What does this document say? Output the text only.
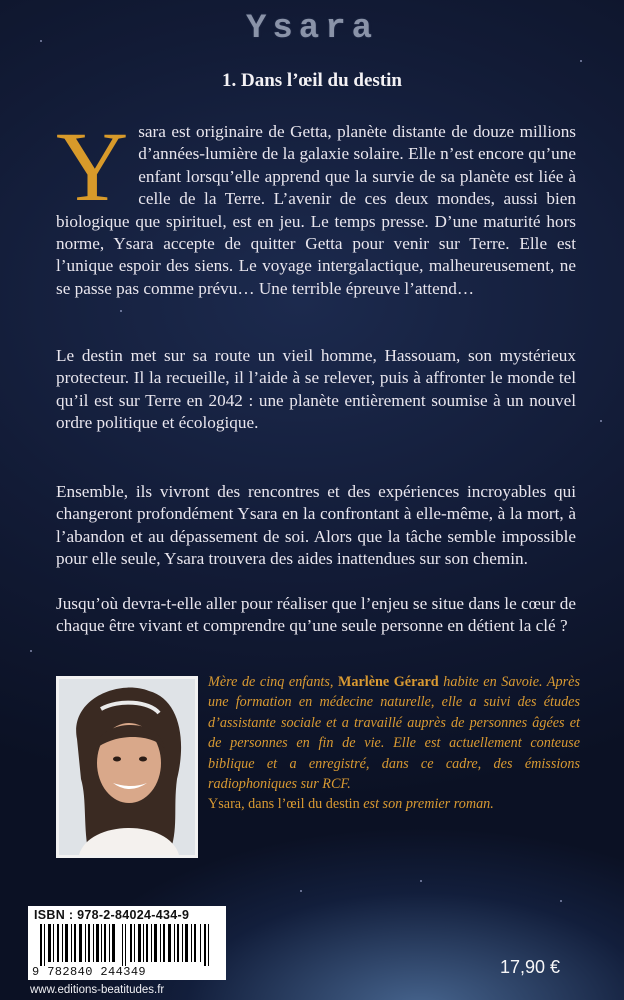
Ysara
1. Dans l’œil du destin
Y sara est originaire de Getta, planète distante de douze millions d’années-lumière de la galaxie solaire. Elle n’est encore qu’une enfant lorsqu’elle apprend que la survie de sa planète est liée à celle de la Terre. L’avenir de ces deux mondes, aussi bien biologique que spirituel, est en jeu. Le temps presse. D’une maturité hors norme, Ysara accepte de quitter Getta pour venir sur Terre. Elle est l’unique espoir des siens. Le voyage intergalactique, malheureusement, ne se passe pas comme prévu… Une terrible épreuve l’attend…
Le destin met sur sa route un vieil homme, Hassouam, son mystérieux protecteur. Il la recueille, il l’aide à se relever, puis à affronter le monde tel qu’il est sur Terre en 2042 : une planète entièrement soumise à un nouvel ordre politique et écologique.
Ensemble, ils vivront des rencontres et des expériences incroyables qui changeront profondément Ysara en la confrontant à elle-même, à la mort, à l’abandon et au dépassement de soi. Alors que la tâche semble impossible pour elle seule, Ysara trouvera des aides inattendues sur son chemin.
Jusqu’où devra-t-elle aller pour réaliser que l’enjeu se situe dans le cœur de chaque être vivant et comprendre qu’une seule personne en détient la clé ?
Mère de cinq enfants, Marlène Gérard habite en Savoie. Après une formation en médecine naturelle, elle a suivi des études d’assistante sociale et a travaillé auprès de personnes âgées et de personnes en fin de vie. Elle est actuellement conteuse biblique et a enregistré, dans ce cadre, des émissions radiophoniques sur RCF.
Ysara, dans l’œil du destin est son premier roman.
ISBN : 978-2-84024-434-9
9 782840 244349
www.editions-beatitudes.fr
17,90 €
